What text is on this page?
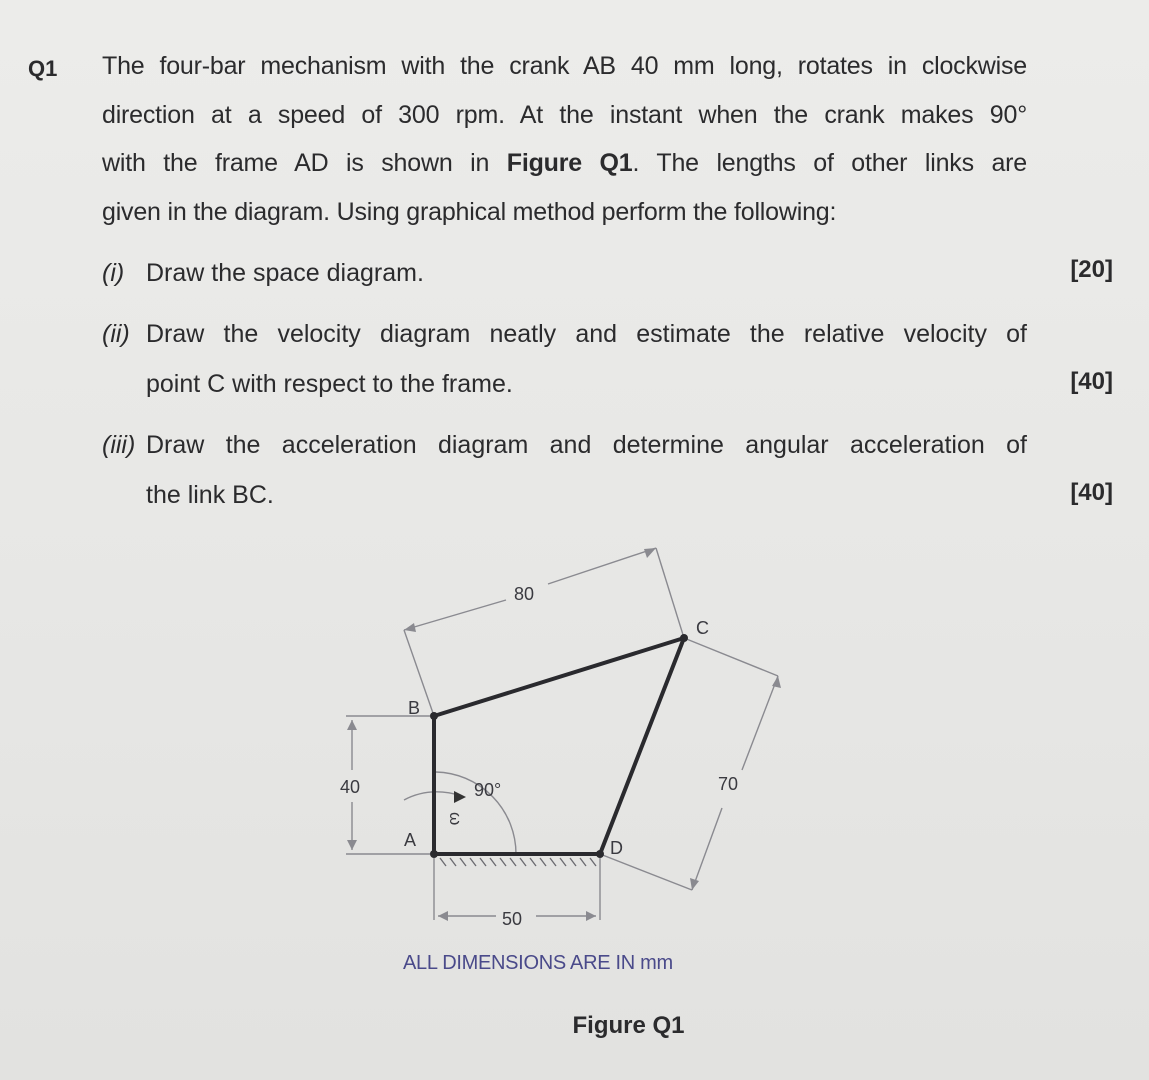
Q1 The four-bar mechanism with the crank AB 40 mm long, rotates in clockwise
direction at a speed of 300 rpm. At the instant when the crank makes 90°
with the frame AD is shown in Figure Q1. The lengths of other links are
given in the diagram. Using graphical method perform the following:
(i) Draw the space diagram.	[20]
(ii) Draw the velocity diagram neatly and estimate the relative velocity of
point C with respect to the frame.	[40]
(iii) Draw the acceleration diagram and determine angular acceleration of
the link BC.	[40]
80
C
B
40	90°	70
A	D
50
ω
ALL DIMENSIONS ARE IN mm
Figure Q1
